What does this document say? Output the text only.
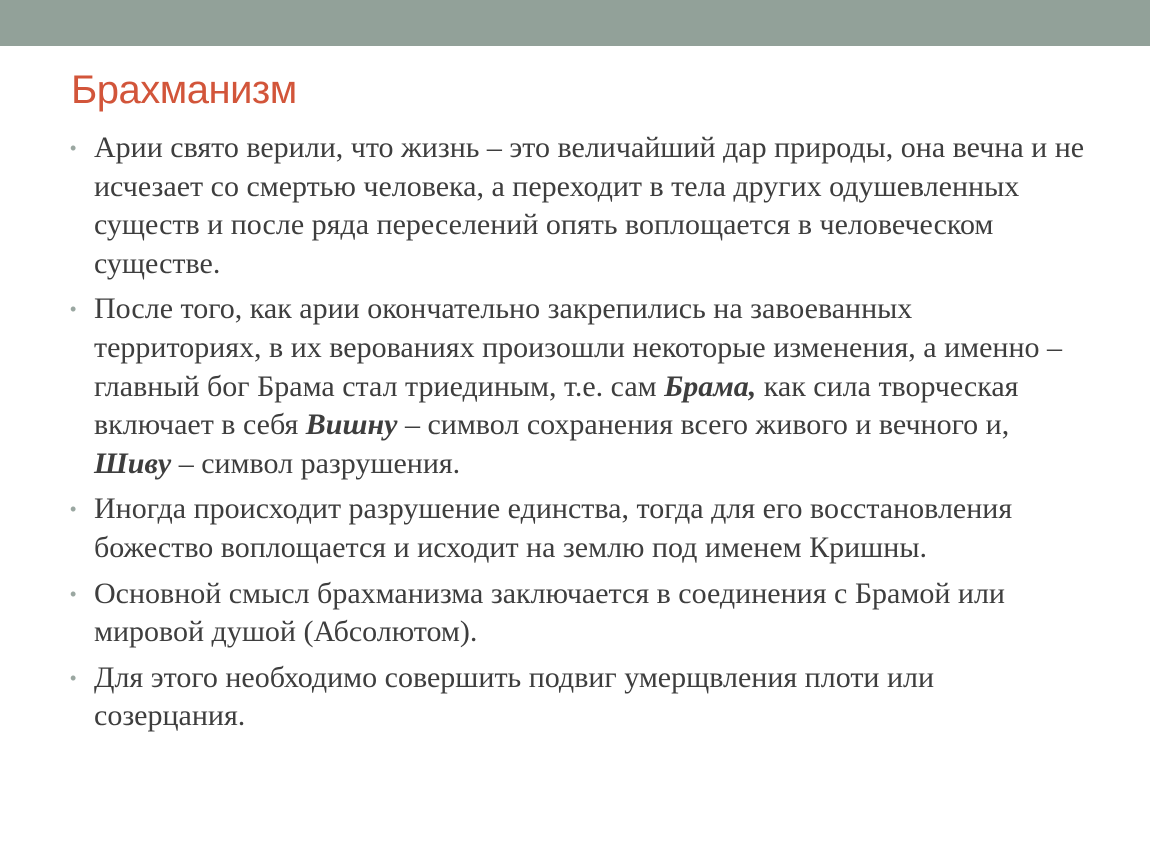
Брахманизм
• Арии свято верили, что жизнь – это величайший дар природы, она вечна и не исчезает со смертью человека, а переходит в тела других одушевленных существ и после ряда переселений опять воплощается в человеческом существе.
• После того, как арии окончательно закрепились на завоеванных территориях, в их верованиях произошли некоторые изменения, а именно – главный бог Брама стал триединым, т.е. сам Брама, как сила творческая включает в себя Вишну – символ сохранения всего живого и вечного и, Шиву – символ разрушения.
• Иногда происходит разрушение единства, тогда для его восстановления божество воплощается и исходит на землю под именем Кришны.
• Основной смысл брахманизма заключается в соединения с Брамой или мировой душой (Абсолютом).
• Для этого необходимо совершить подвиг умерщвления плоти или созерцания.
